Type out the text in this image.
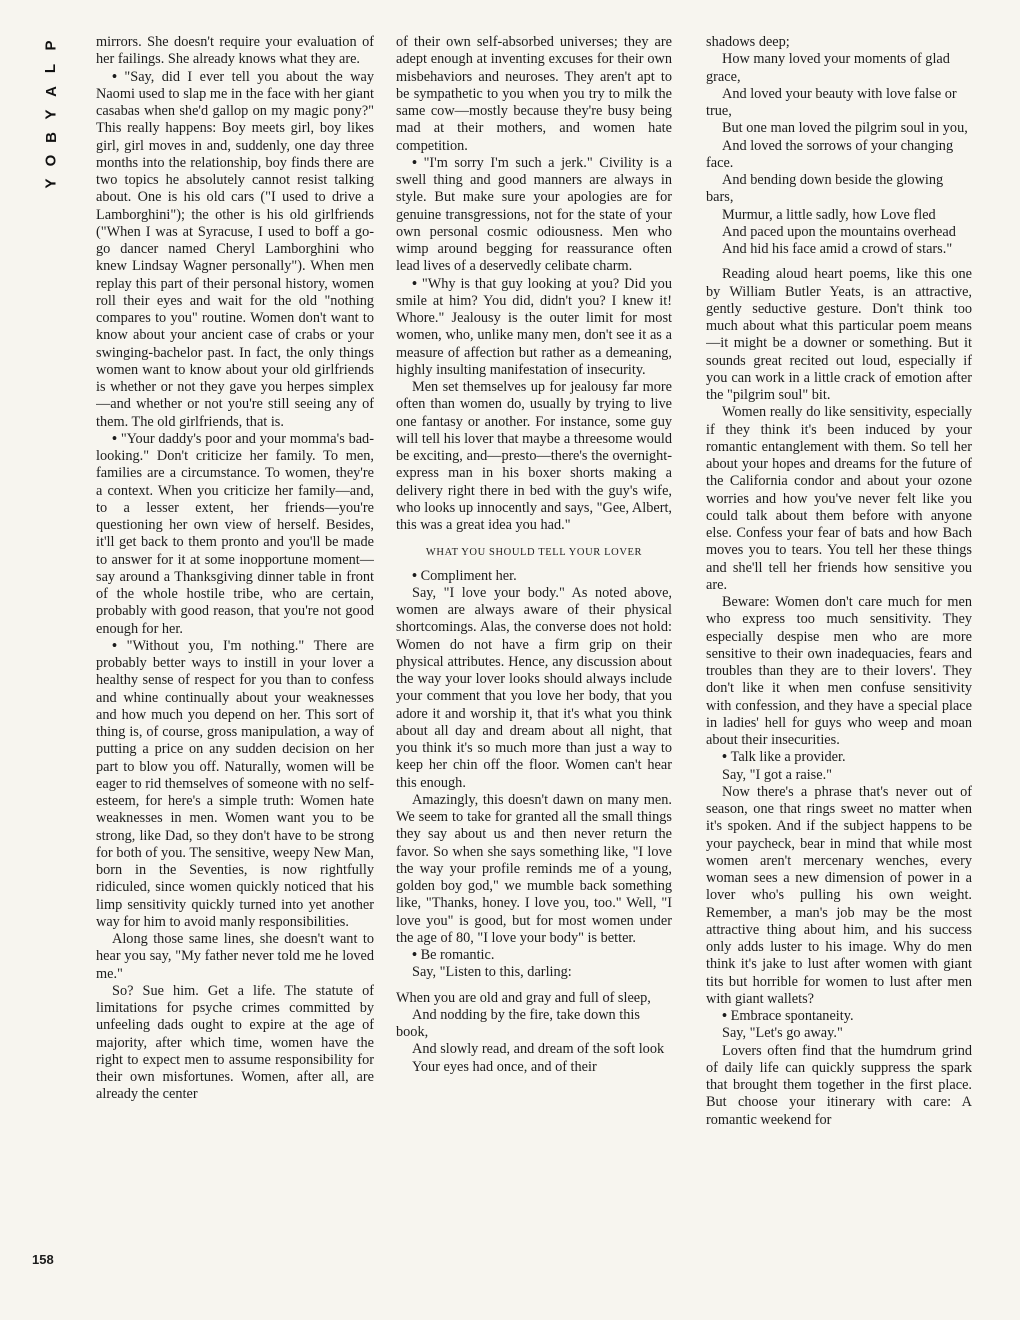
P
L
A
Y
B
O
Y
158

mirrors. She doesn't require your evaluation of her failings. She already knows what they are.

• "Say, did I ever tell you about the way Naomi used to slap me in the face with her giant casabas when she'd gallop on my magic pony?" This really happens: Boy meets girl, boy likes girl, girl moves in and, suddenly, one day three months into the relationship, boy finds there are two topics he absolutely cannot resist talking about. One is his old cars ("I used to drive a Lamborghini"); the other is his old girlfriends ("When I was at Syracuse, I used to boff a go-go dancer named Cheryl Lamborghini who knew Lindsay Wagner personally"). When men replay this part of their personal history, women roll their eyes and wait for the old "nothing compares to you" routine. Women don't want to know about your ancient case of crabs or your swinging-bachelor past. In fact, the only things women want to know about your old girlfriends is whether or not they gave you herpes simplex—and whether or not you're still seeing any of them. The old girlfriends, that is.

• "Your daddy's poor and your momma's bad-looking." Don't criticize her family. To men, families are a circumstance. To women, they're a context. When you criticize her family—and, to a lesser extent, her friends—you're questioning her own view of herself. Besides, it'll get back to them pronto and you'll be made to answer for it at some inopportune moment—say around a Thanksgiving dinner table in front of the whole hostile tribe, who are certain, probably with good reason, that you're not good enough for her.

• "Without you, I'm nothing." There are probably better ways to instill in your lover a healthy sense of respect for you than to confess and whine continually about your weaknesses and how much you depend on her. This sort of thing is, of course, gross manipulation, a way of putting a price on any sudden decision on her part to blow you off. Naturally, women will be eager to rid themselves of someone with no self-esteem, for here's a simple truth: Women hate weaknesses in men. Women want you to be strong, like Dad, so they don't have to be strong for both of you. The sensitive, weepy New Man, born in the Seventies, is now rightfully ridiculed, since women quickly noticed that his limp sensitivity quickly turned into yet another way for him to avoid manly responsibilities.

Along those same lines, she doesn't want to hear you say, "My father never told me he loved me."

So? Sue him. Get a life. The statute of limitations for psyche crimes committed by unfeeling dads ought to expire at the age of majority, after which time, women have the right to expect men to assume responsibility for their own misfortunes. Women, after all, are already the center

of their own self-absorbed universes; they are adept enough at inventing excuses for their own misbehaviors and neuroses. They aren't apt to be sympathetic to you when you try to milk the same cow—mostly because they're busy being mad at their mothers, and women hate competition.

• "I'm sorry I'm such a jerk." Civility is a swell thing and good manners are always in style. But make sure your apologies are for genuine transgressions, not for the state of your own personal cosmic odiousness. Men who wimp around begging for reassurance often lead lives of a deservedly celibate charm.

• "Why is that guy looking at you? Did you smile at him? You did, didn't you? I knew it! Whore." Jealousy is the outer limit for most women, who, unlike many men, don't see it as a measure of affection but rather as a demeaning, highly insulting manifestation of insecurity.

Men set themselves up for jealousy far more often than women do, usually by trying to live one fantasy or another. For instance, some guy will tell his lover that maybe a threesome would be exciting, and—presto—there's the overnight-express man in his boxer shorts making a delivery right there in bed with the guy's wife, who looks up innocently and says, "Gee, Albert, this was a great idea you had."

WHAT YOU SHOULD TELL YOUR LOVER

• Compliment her.

Say, "I love your body." As noted above, women are always aware of their physical shortcomings. Alas, the converse does not hold: Women do not have a firm grip on their physical attributes. Hence, any discussion about the way your lover looks should always include your comment that you love her body, that you adore it and worship it, that it's what you think about all day and dream about all night, that you think it's so much more than just a way to keep her chin off the floor. Women can't hear this enough.

Amazingly, this doesn't dawn on many men. We seem to take for granted all the small things they say about us and then never return the favor. So when she says something like, "I love the way your profile reminds me of a young, golden boy god," we mumble back something like, "Thanks, honey. I love you, too." Well, "I love you" is good, but for most women under the age of 80, "I love your body" is better.

• Be romantic.

Say, "Listen to this, darling:

When you are old and gray and full of sleep,

And nodding by the fire, take down this book,

And slowly read, and dream of the soft look

Your eyes had once, and of their

shadows deep;

How many loved your moments of glad grace,

And loved your beauty with love false or true,

But one man loved the pilgrim soul in you,

And loved the sorrows of your changing face.

And bending down beside the glowing bars,

Murmur, a little sadly, how Love fled

And paced upon the mountains overhead

And hid his face amid a crowd of stars."

Reading aloud heart poems, like this one by William Butler Yeats, is an attractive, gently seductive gesture. Don't think too much about what this particular poem means—it might be a downer or something. But it sounds great recited out loud, especially if you can work in a little crack of emotion after the "pilgrim soul" bit.

Women really do like sensitivity, especially if they think it's been induced by your romantic entanglement with them. So tell her about your hopes and dreams for the future of the California condor and about your ozone worries and how you've never felt like you could talk about them before with anyone else. Confess your fear of bats and how Bach moves you to tears. You tell her these things and she'll tell her friends how sensitive you are.

Beware: Women don't care much for men who express too much sensitivity. They especially despise men who are more sensitive to their own inadequacies, fears and troubles than they are to their lovers'. They don't like it when men confuse sensitivity with confession, and they have a special place in ladies' hell for guys who weep and moan about their insecurities.

• Talk like a provider.

Say, "I got a raise."

Now there's a phrase that's never out of season, one that rings sweet no matter when it's spoken. And if the subject happens to be your paycheck, bear in mind that while most women aren't mercenary wenches, every woman sees a new dimension of power in a lover who's pulling his own weight. Remember, a man's job may be the most attractive thing about him, and his success only adds luster to his image. Why do men think it's jake to lust after women with giant tits but horrible for women to lust after men with giant wallets?

• Embrace spontaneity.

Say, "Let's go away."

Lovers often find that the humdrum grind of daily life can quickly suppress the spark that brought them together in the first place. But choose your itinerary with care: A romantic weekend for
